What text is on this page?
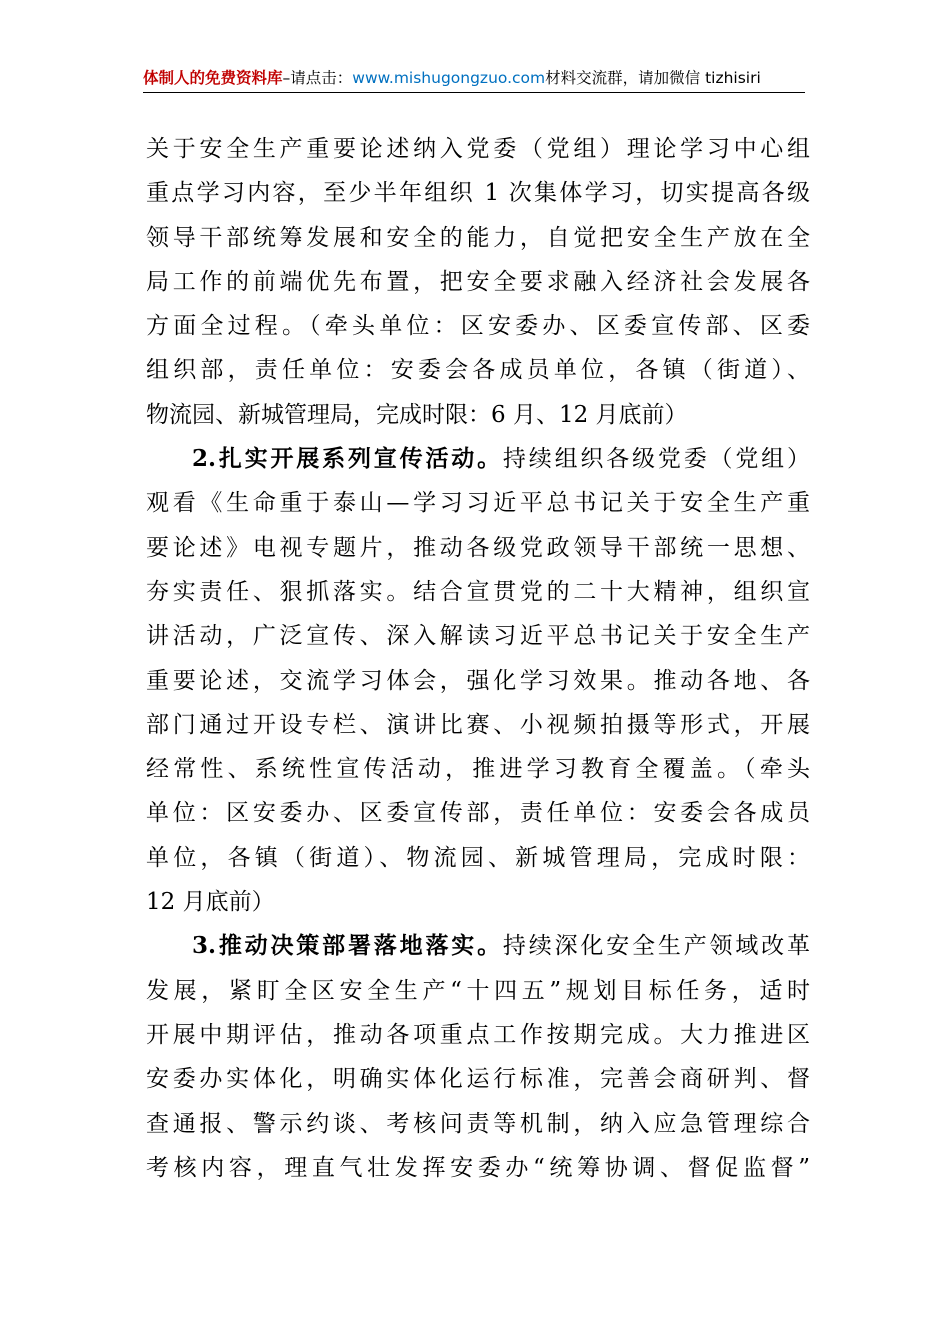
体制人的免费资料库–请点击：www.mishugongzuo.com材料交流群，请加微信 tizhisiri
关于安全生产重要论述纳入党委（党组）理论学习中心组
重点学习内容，至少半年组织 1 次集体学习，切实提高各级
领导干部统筹发展和安全的能力，自觉把安全生产放在全
局工作的前端优先布置，把安全要求融入经济社会发展各
方面全过程。（牵头单位：区安委办、区委宣传部、区委
组织部，责任单位：安委会各成员单位，各镇（街道）、
物流园、新城管理局，完成时限：6 月、12 月底前）
2.扎实开展系列宣传活动。持续组织各级党委（党组）
观看《生命重于泰山—学习习近平总书记关于安全生产重
要论述》电视专题片，推动各级党政领导干部统一思想、
夯实责任、狠抓落实。结合宣贯党的二十大精神，组织宣
讲活动，广泛宣传、深入解读习近平总书记关于安全生产
重要论述，交流学习体会，强化学习效果。推动各地、各
部门通过开设专栏、演讲比赛、小视频拍摄等形式，开展
经常性、系统性宣传活动，推进学习教育全覆盖。（牵头
单位：区安委办、区委宣传部，责任单位：安委会各成员
单位，各镇（街道）、物流园、新城管理局，完成时限：
12 月底前）
3.推动决策部署落地落实。持续深化安全生产领域改革
发展，紧盯全区安全生产“十四五”规划目标任务，适时
开展中期评估，推动各项重点工作按期完成。大力推进区
安委办实体化，明确实体化运行标准，完善会商研判、督
查通报、警示约谈、考核问责等机制，纳入应急管理综合
考核内容，理直气壮发挥安委办“统筹协调、督促监督”
